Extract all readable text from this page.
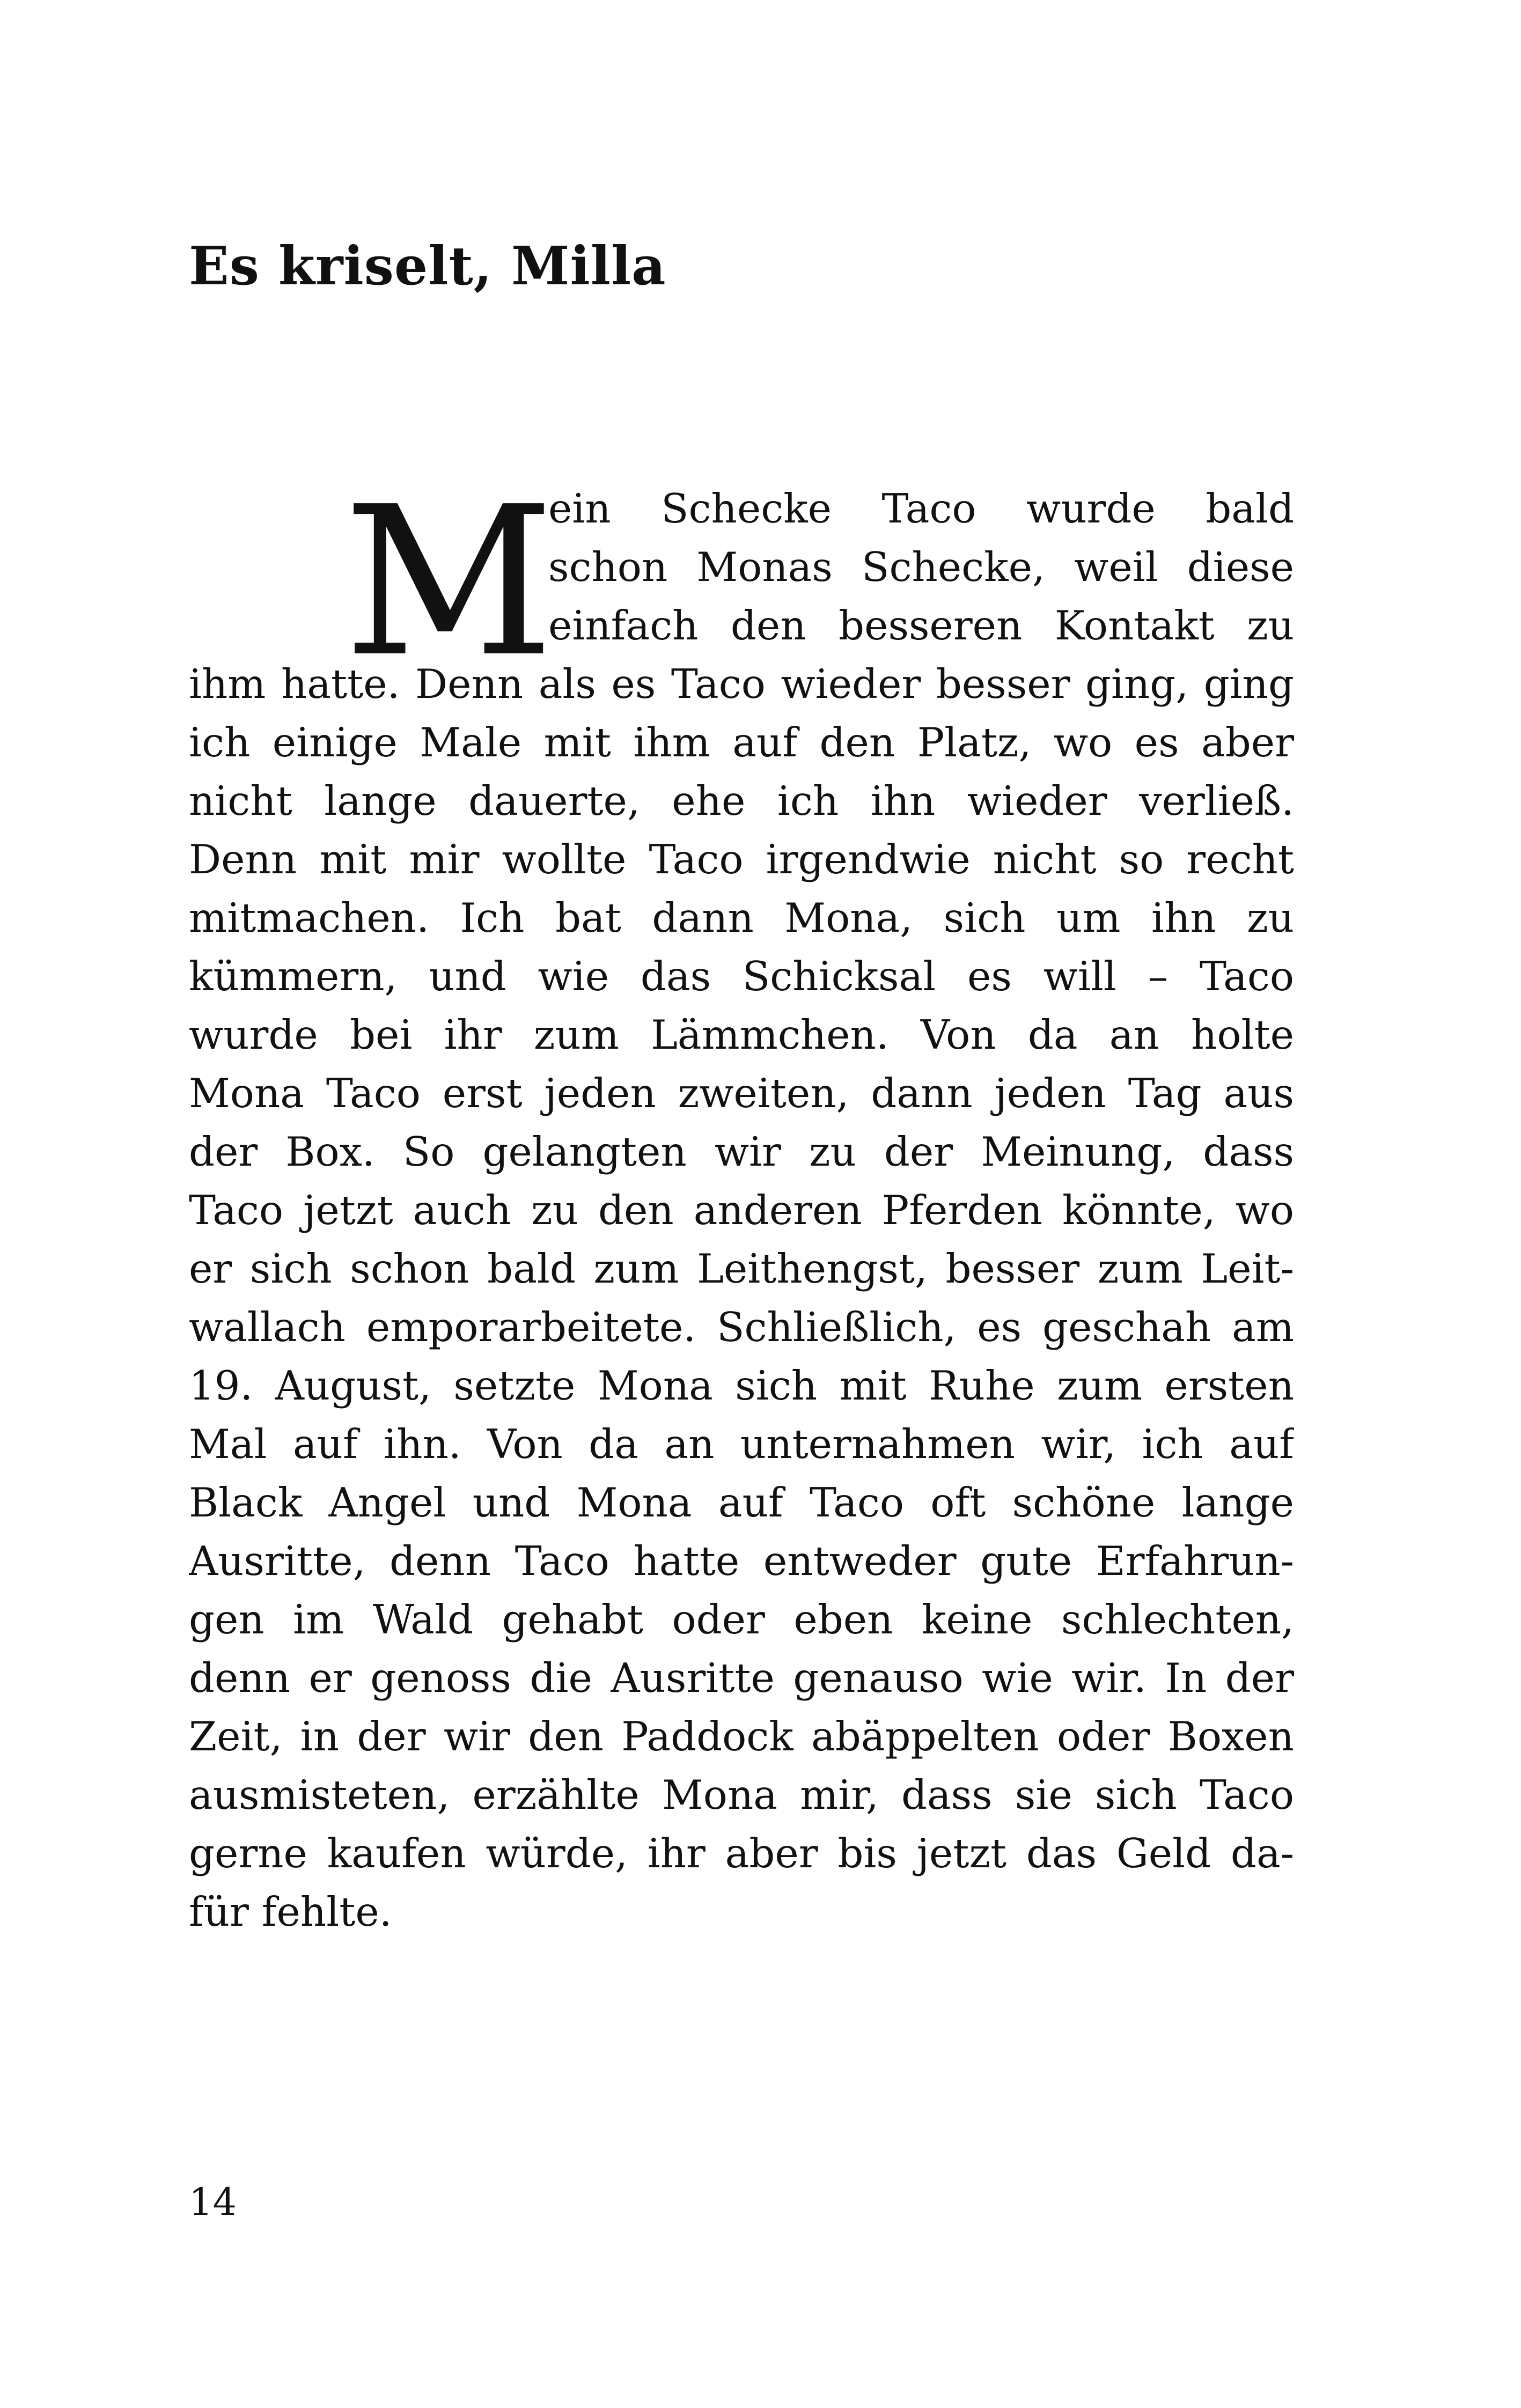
Es kriselt, Milla
M
ein Schecke Taco wurde bald
schon Monas Schecke, weil diese
einfach den besseren Kontakt zu
ihm hatte. Denn als es Taco wieder besser ging, ging
ich einige Male mit ihm auf den Platz, wo es aber
nicht lange dauerte, ehe ich ihn wieder verließ.
Denn mit mir wollte Taco irgendwie nicht so recht
mitmachen. Ich bat dann Mona, sich um ihn zu
kümmern, und wie das Schicksal es will – Taco
wurde bei ihr zum Lämmchen. Von da an holte
Mona Taco erst jeden zweiten, dann jeden Tag aus
der Box. So gelangten wir zu der Meinung, dass
Taco jetzt auch zu den anderen Pferden könnte, wo
er sich schon bald zum Leithengst, besser zum Leit-
wallach emporarbeitete. Schließlich, es geschah am
19. August, setzte Mona sich mit Ruhe zum ersten
Mal auf ihn. Von da an unternahmen wir, ich auf
Black Angel und Mona auf Taco oft schöne lange
Ausritte, denn Taco hatte entweder gute Erfahrun-
gen im Wald gehabt oder eben keine schlechten,
denn er genoss die Ausritte genauso wie wir. In der
Zeit, in der wir den Paddock abäppelten oder Boxen
ausmisteten, erzählte Mona mir, dass sie sich Taco
gerne kaufen würde, ihr aber bis jetzt das Geld da-
für fehlte.
14
